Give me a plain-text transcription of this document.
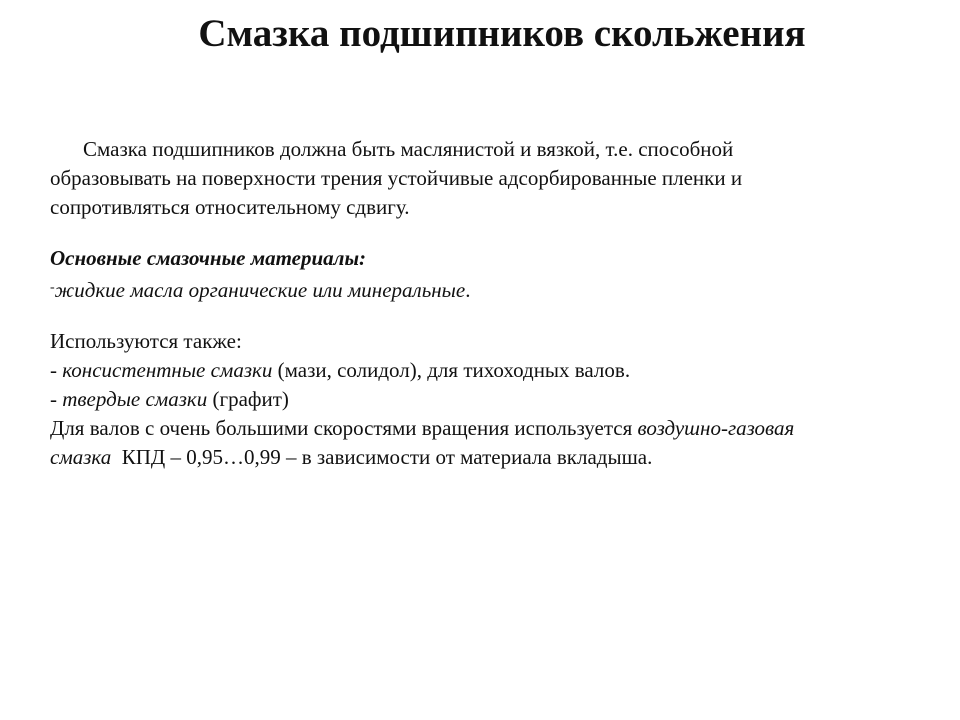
Смазка подшипников скольжения
Смазка подшипников должна быть маслянистой и вязкой, т.е. способной
образовывать на поверхности трения устойчивые адсорбированные пленки и
сопротивляться относительному сдвигу.
Основные смазочные материалы:
-жидкие масла органические или минеральные.
Используются также:
- консистентные смазки (мази, солидол), для тихоходных валов.
- твердые смазки (графит)
Для валов с очень большими скоростями вращения используется воздушно-газовая
смазка  КПД – 0,95…0,99 – в зависимости от материала вкладыша.
